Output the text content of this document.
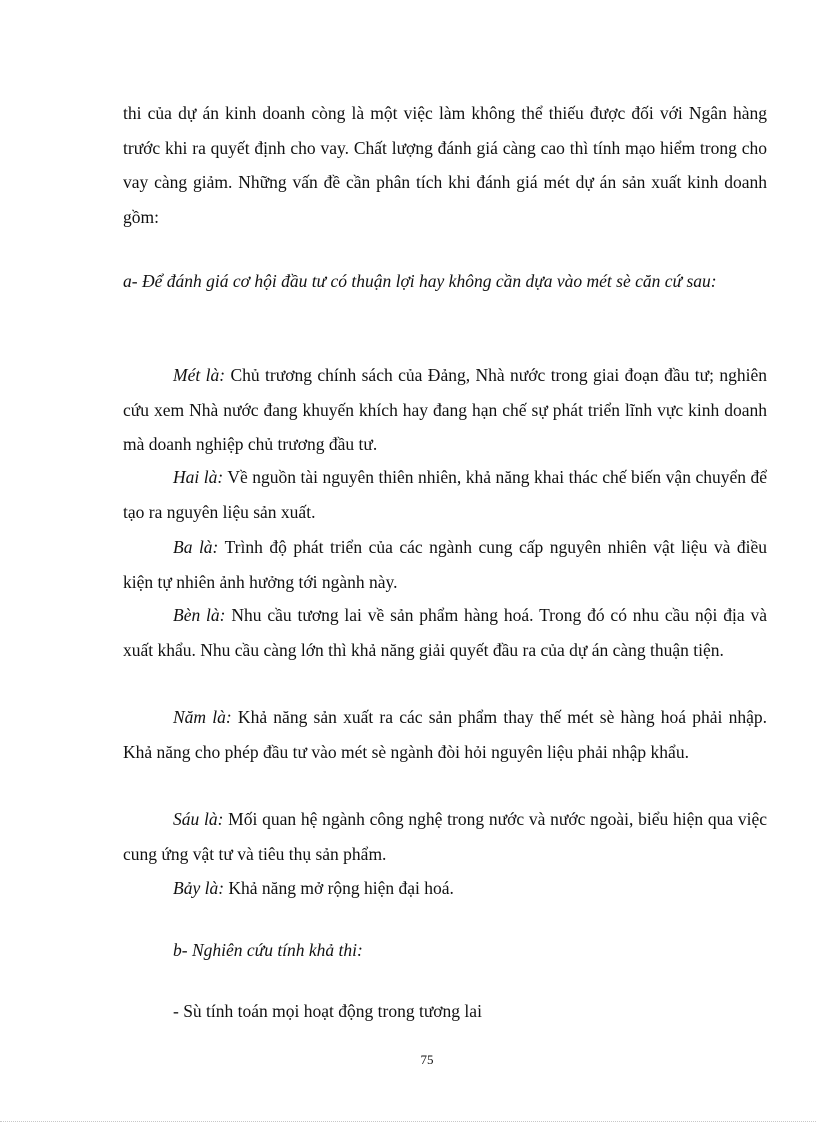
thi của dự án kinh doanh còng là một việc làm không thể thiếu được đối với Ngân hàng trước khi ra quyết định cho vay. Chất lượng đánh giá càng cao thì tính mạo hiểm trong cho vay càng giảm. Những vấn đề cần phân tích khi đánh giá mét dự án sản xuất kinh doanh gồm:

a- Để đánh giá cơ hội đầu tư có thuận lợi hay không cần dựa vào mét sè căn cứ sau:

Mét là: Chủ trương chính sách của Đảng, Nhà nước trong giai đoạn đầu tư; nghiên cứu xem Nhà nước đang khuyến khích hay đang hạn chế sự phát triển lĩnh vực kinh doanh mà doanh nghiệp chủ trương đầu tư.

Hai là: Về nguồn tài nguyên thiên nhiên, khả năng khai thác chế biến vận chuyển để tạo ra nguyên liệu sản xuất.

Ba là: Trình độ phát triển của các ngành cung cấp nguyên nhiên vật liệu và điều kiện tự nhiên ảnh hưởng tới ngành này.

Bèn là: Nhu cầu tương lai về sản phẩm hàng hoá. Trong đó có nhu cầu nội địa và xuất khẩu. Nhu cầu càng lớn thì khả năng giải quyết đầu ra của dự án càng thuận tiện.

Năm là: Khả năng sản xuất ra các sản phẩm thay thế mét sè hàng hoá phải nhập. Khả năng cho phép đầu tư vào mét sè ngành đòi hỏi nguyên liệu phải nhập khẩu.

Sáu là: Mối quan hệ ngành công nghệ trong nước và nước ngoài, biểu hiện qua việc cung ứng vật tư và tiêu thụ sản phẩm.

Bảy là: Khả năng mở rộng hiện đại hoá.

b- Nghiên cứu tính khả thi:

- Sù tính toán mọi hoạt động trong tương lai

75
